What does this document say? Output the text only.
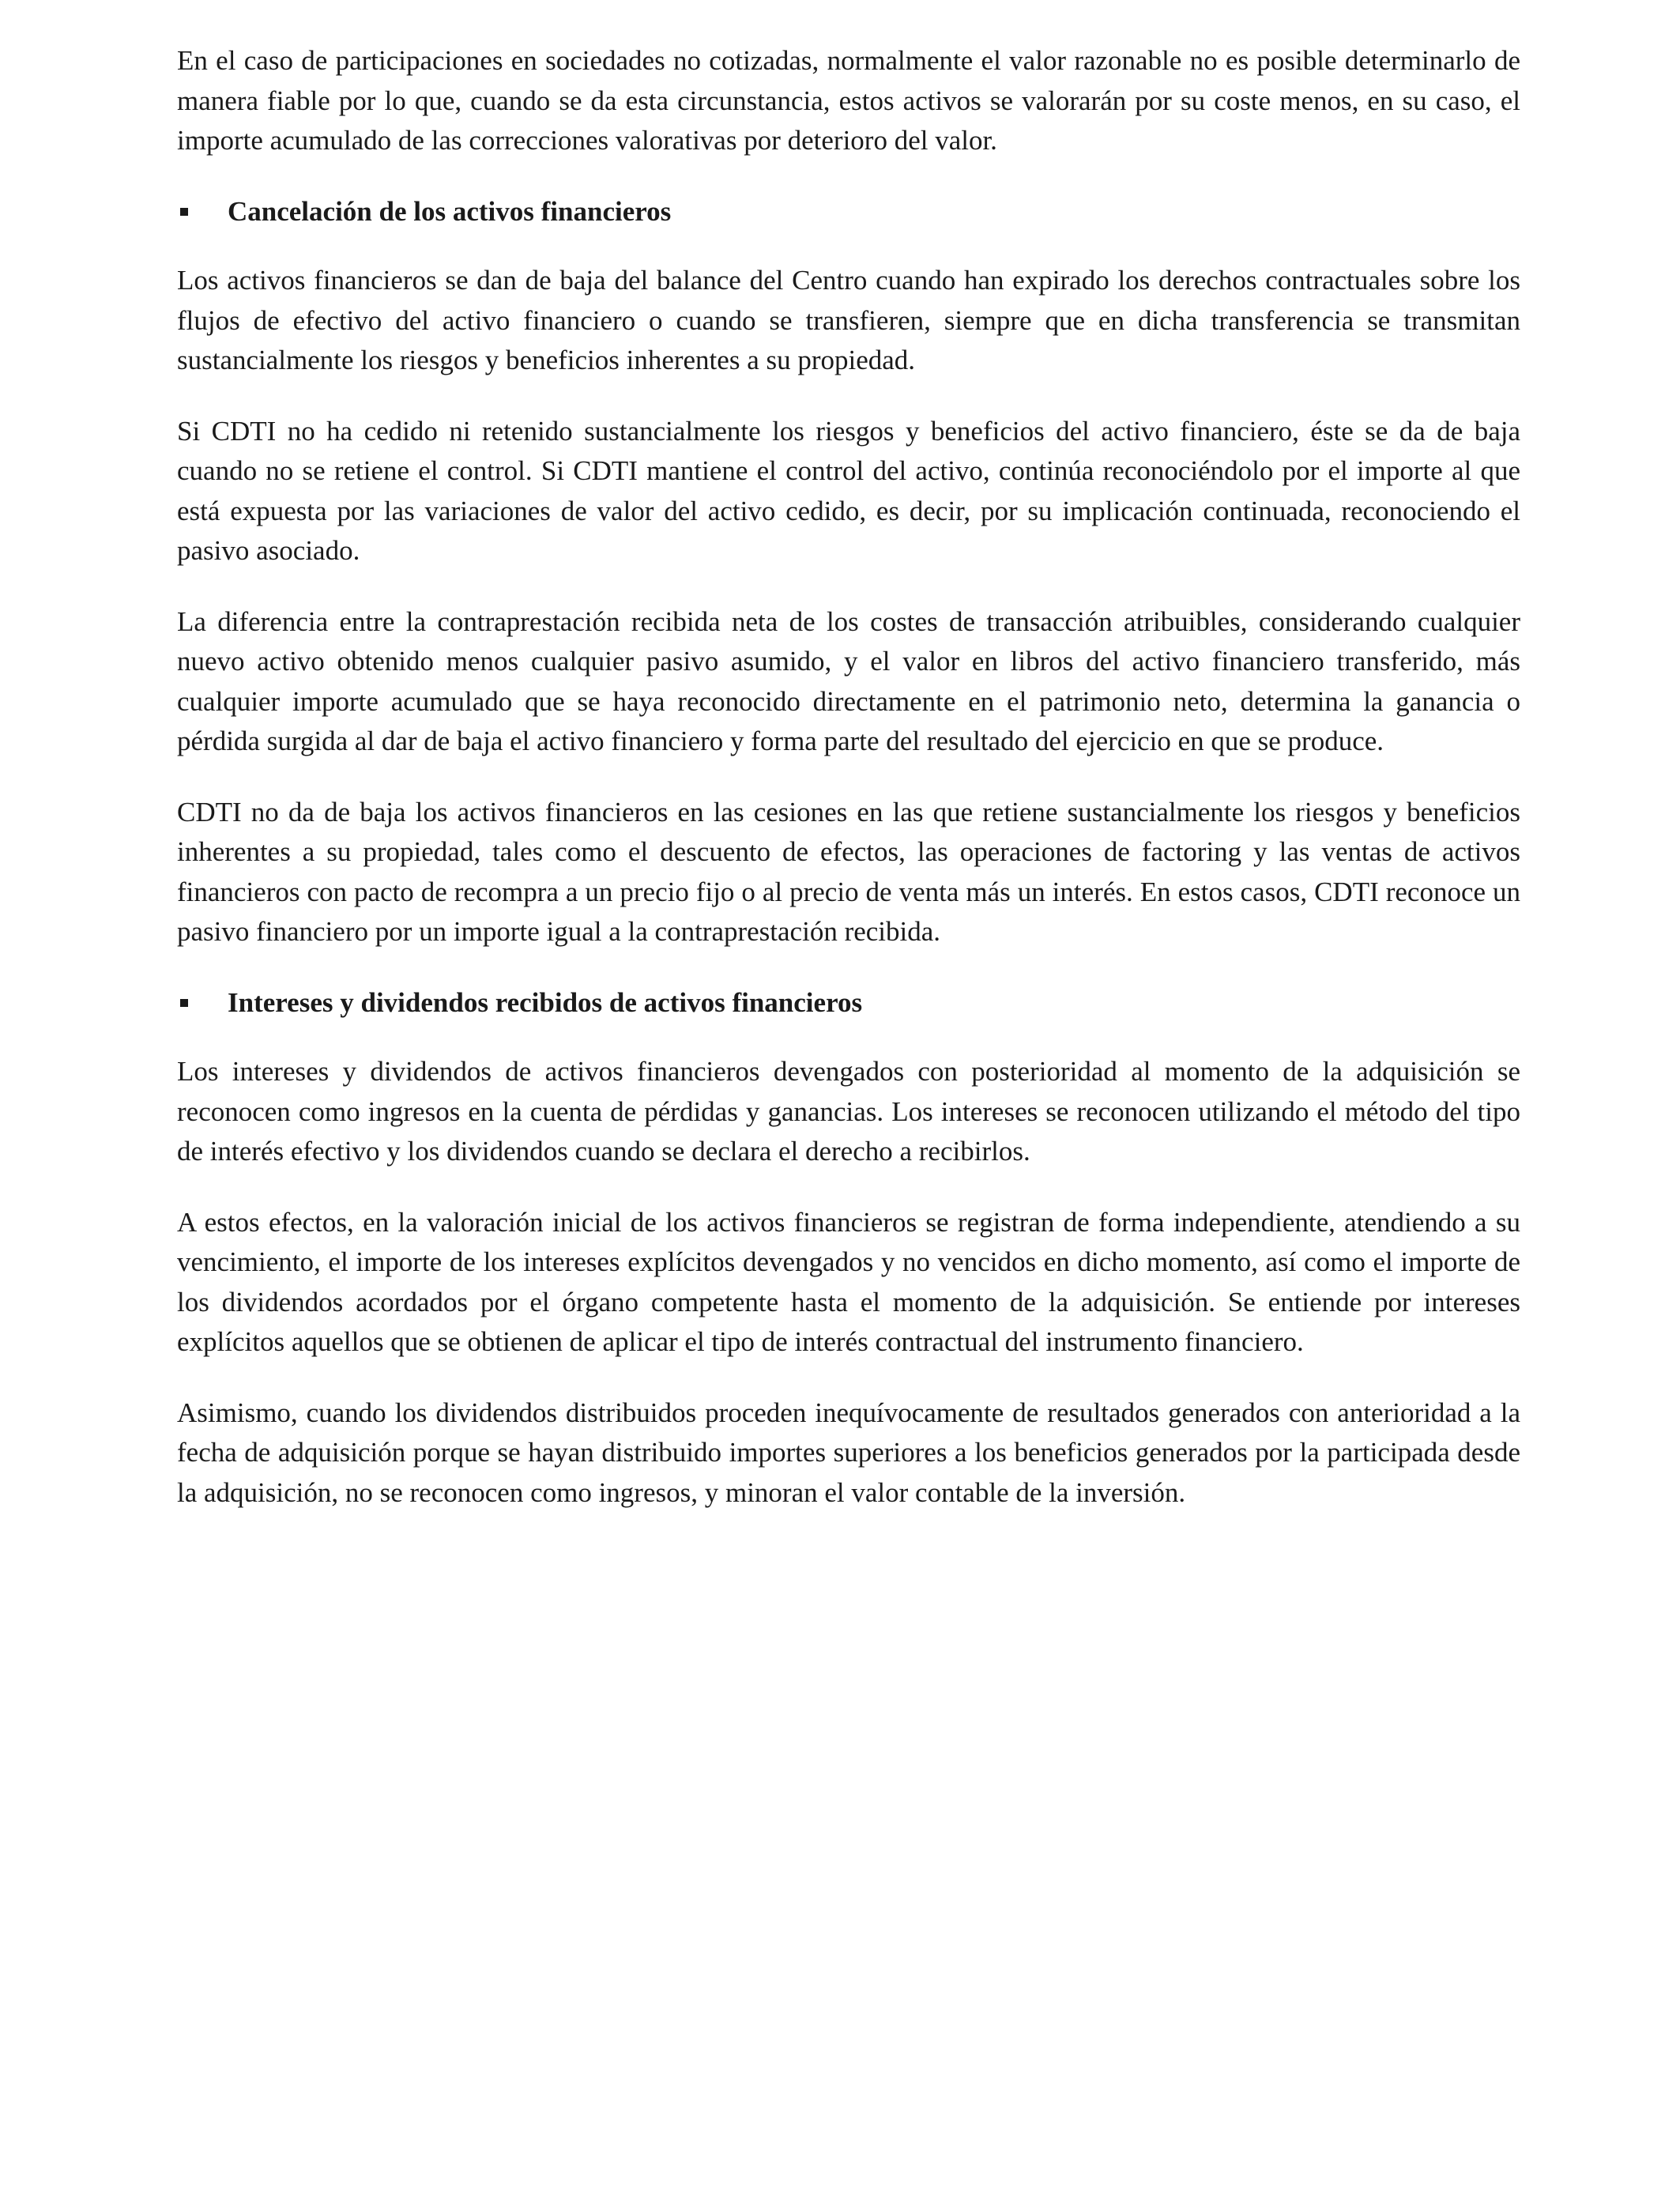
En el caso de participaciones en sociedades no cotizadas, normalmente el valor razonable no es posible determinarlo de manera fiable por lo que, cuando se da esta circunstancia, estos activos se valorarán por su coste menos, en su caso, el importe acumulado de las correcciones valorativas por deterioro del valor.

Cancelación de los activos financieros

Los activos financieros se dan de baja del balance del Centro cuando han expirado los derechos contractuales sobre los flujos de efectivo del activo financiero o cuando se transfieren, siempre que en dicha transferencia se transmitan sustancialmente los riesgos y beneficios inherentes a su propiedad.

Si CDTI no ha cedido ni retenido sustancialmente los riesgos y beneficios del activo financiero, éste se da de baja cuando no se retiene el control. Si CDTI mantiene el control del activo, continúa reconociéndolo por el importe al que está expuesta por las variaciones de valor del activo cedido, es decir, por su implicación continuada, reconociendo el pasivo asociado.

La diferencia entre la contraprestación recibida neta de los costes de transacción atribuibles, considerando cualquier nuevo activo obtenido menos cualquier pasivo asumido, y el valor en libros del activo financiero transferido, más cualquier importe acumulado que se haya reconocido directamente en el patrimonio neto, determina la ganancia o pérdida surgida al dar de baja el activo financiero y forma parte del resultado del ejercicio en que se produce.

CDTI no da de baja los activos financieros en las cesiones en las que retiene sustancialmente los riesgos y beneficios inherentes a su propiedad, tales como el descuento de efectos, las operaciones de factoring y las ventas de activos financieros con pacto de recompra a un precio fijo o al precio de venta más un interés. En estos casos, CDTI reconoce un pasivo financiero por un importe igual a la contraprestación recibida.

Intereses y dividendos recibidos de activos financieros

Los intereses y dividendos de activos financieros devengados con posterioridad al momento de la adquisición se reconocen como ingresos en la cuenta de pérdidas y ganancias. Los intereses se reconocen utilizando el método del tipo de interés efectivo y los dividendos cuando se declara el derecho a recibirlos.

A estos efectos, en la valoración inicial de los activos financieros se registran de forma independiente, atendiendo a su vencimiento, el importe de los intereses explícitos devengados y no vencidos en dicho momento, así como el importe de los dividendos acordados por el órgano competente hasta el momento de la adquisición. Se entiende por intereses explícitos aquellos que se obtienen de aplicar el tipo de interés contractual del instrumento financiero.

Asimismo, cuando los dividendos distribuidos proceden inequívocamente de resultados generados con anterioridad a la fecha de adquisición porque se hayan distribuido importes superiores a los beneficios generados por la participada desde la adquisición, no se reconocen como ingresos, y minoran el valor contable de la inversión.
